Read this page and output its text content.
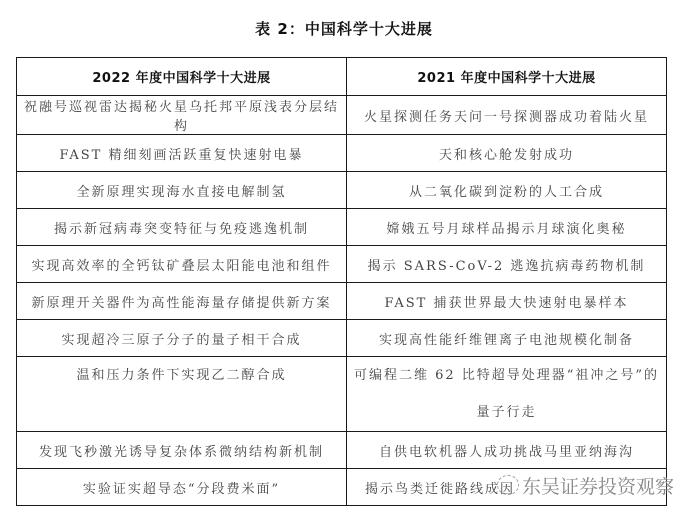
表 2：中国科学十大进展
2022 年度中国科学十大进展	2021 年度中国科学十大进展
祝融号巡视雷达揭秘火星乌托邦平原浅表分层结构	火星探测任务天问一号探测器成功着陆火星
FAST 精细刻画活跃重复快速射电暴	天和核心舱发射成功
全新原理实现海水直接电解制氢	从二氧化碳到淀粉的人工合成
揭示新冠病毒突变特征与免疫逃逸机制	嫦娥五号月球样品揭示月球演化奥秘
实现高效率的全钙钛矿叠层太阳能电池和组件	揭示 SARS-CoV-2 逃逸抗病毒药物机制
新原理开关器件为高性能海量存储提供新方案	FAST 捕获世界最大快速射电暴样本
实现超冷三原子分子的量子相干合成	实现高性能纤维锂离子电池规模化制备
温和压力条件下实现乙二醇合成	可编程二维 62 比特超导处理器“祖冲之号”的量子行走
发现飞秒激光诱导复杂体系微纳结构新机制	自供电软机器人成功挑战马里亚纳海沟
实验证实超导态“分段费米面”	揭示鸟类迁徙路线成因 东吴证券投资观察
